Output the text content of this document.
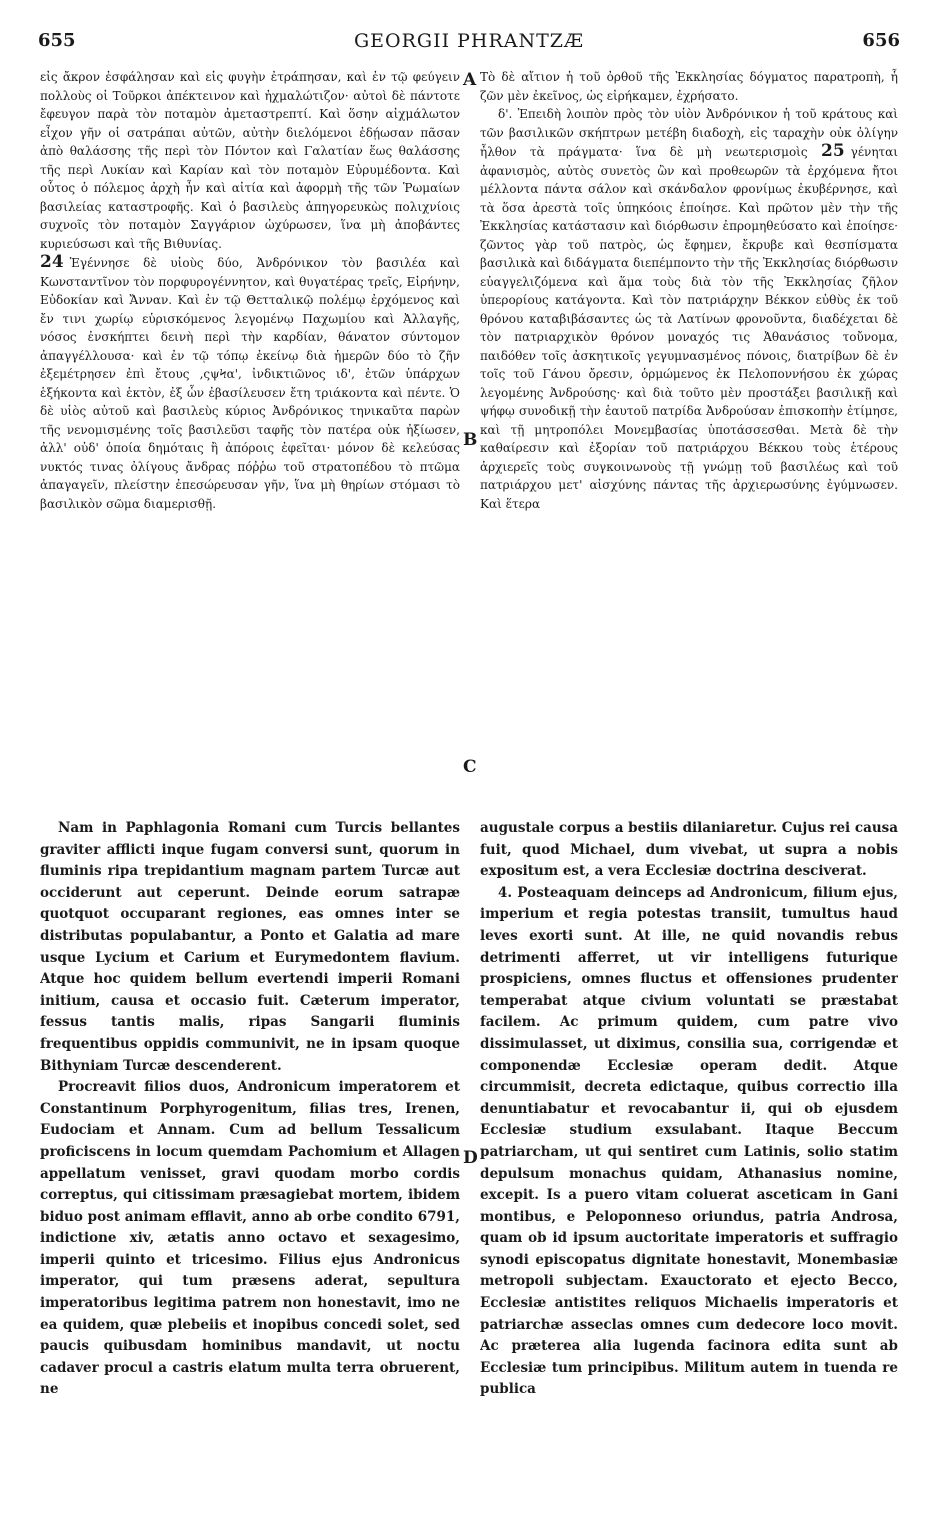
655	GEORGII PHRANTZÆ	656
A
B
C
D

εἰς ἄκρον ἐσφάλησαν καὶ εἰς φυγὴν ἐτράπησαν, καὶ ἐν τῷ φεύγειν πολλοὺς οἱ Τοῦρκοι ἀπέκτεινον καὶ ἠχμαλώτιζον· αὐτοὶ δὲ πάντοτε ἔφευγον παρὰ τὸν ποταμὸν ἀμεταστρεπτί. Καὶ ὅσην αἰχμάλωτον εἶχον γῆν οἱ σατράπαι αὐτῶν, αὐτὴν διελόμενοι ἐδῄωσαν πᾶσαν ἀπὸ θαλάσσης τῆς περὶ τὸν Πόντον καὶ Γαλατίαν ἕως θαλάσσης τῆς περὶ Λυκίαν καὶ Καρίαν καὶ τὸν ποταμὸν Εὐρυμέδοντα. Καὶ οὗτος ὁ πόλεμος ἀρχὴ ἦν καὶ αἰτία καὶ ἀφορμὴ τῆς τῶν Ῥωμαίων βασιλείας καταστροφῆς. Καὶ ὁ βασιλεὺς ἀπηγορευκὼς πολιχνίοις συχνοῖς τὸν ποταμὸν Σαγγάριον ὠχύρωσεν, ἵνα μὴ ἀποβάντες κυριεύσωσι καὶ τῆς Βιθυνίας.

24 Ἐγέννησε δὲ υἱοὺς δύο, Ἀνδρόνικον τὸν βασιλέα καὶ Κωνσταντῖνον τὸν πορφυρογέννητον, καὶ θυγατέρας τρεῖς, Εἰρήνην, Εὐδοκίαν καὶ Ἄνναν. Καὶ ἐν τῷ Θετταλικῷ πολέμῳ ἐρχόμενος καὶ ἔν τινι χωρίῳ εὑρισκόμενος λεγομένῳ Παχωμίου καὶ Ἀλλαγῆς, νόσος ἐνσκήπτει δεινὴ περὶ τὴν καρδίαν, θάνατον σύντομον ἀπαγγέλλουσα· καὶ ἐν τῷ τόπῳ ἐκείνῳ διὰ ἡμερῶν δύο τὸ ζῆν ἐξεμέτρησεν ἐπὶ ἔτους ,ςψϞα', ἰνδικτιῶνος ιδ', ἐτῶν ὑπάρχων ἑξήκοντα καὶ ἑκτὸν, ἐξ ὧν ἐβασίλευσεν ἔτη τριάκοντα καὶ πέντε. Ὁ δὲ υἱὸς αὐτοῦ καὶ βασιλεὺς κύριος Ἀνδρόνικος τηνικαῦτα παρὼν τῆς νενομισμένης τοῖς βασιλεῦσι ταφῆς τὸν πατέρα οὐκ ἠξίωσεν, ἀλλ' οὐδ' ὁποία δημόταις ἢ ἀπόροις ἐφεῖται· μόνον δὲ κελεύσας νυκτός τινας ὀλίγους ἄνδρας πόῤῥω τοῦ στρατοπέδου τὸ πτῶμα ἀπαγαγεῖν, πλείστην ἐπεσώρευσαν γῆν, ἵνα μὴ θηρίων στόμασι τὸ βασιλικὸν σῶμα διαμερισθῇ.

Τὸ δὲ αἴτιον ἡ τοῦ ὀρθοῦ τῆς Ἐκκλησίας δόγματος παρατροπὴ, ἧ ζῶν μὲν ἐκεῖνος, ὡς εἰρήκαμεν, ἐχρήσατο.

δ'. Ἐπειδὴ λοιπὸν πρὸς τὸν υἱὸν Ἀνδρόνικον ἡ τοῦ κράτους καὶ τῶν βασιλικῶν σκήπτρων μετέβη διαδοχὴ, εἰς ταραχὴν οὐκ ὀλίγην ἦλθον τὰ πράγματα· ἵνα δὲ μὴ νεωτερισμοὶς 25 γένηται ἀφανισμὸς, αὐτὸς συνετὸς ὢν καὶ προθεωρῶν τὰ ἐρχόμενα ἤτοι μέλλοντα πάντα σάλον καὶ σκάνδαλον φρονίμως ἐκυβέρνησε, καὶ τὰ ὅσα ἀρεστὰ τοῖς ὑπηκόοις ἐποίησε. Καὶ πρῶτον μὲν τὴν τῆς Ἐκκλησίας κατάστασιν καὶ διόρθωσιν ἐπρομηθεύσατο καὶ ἐποίησε· ζῶντος γὰρ τοῦ πατρὸς, ὡς ἔφημεν, ἔκρυβε καὶ θεσπίσματα βασιλικὰ καὶ διδάγματα διεπέμποντο τὴν τῆς Ἐκκλησίας διόρθωσιν εὐαγγελιζόμενα καὶ ἅμα τοὺς διὰ τὸν τῆς Ἐκκλησίας ζῆλον ὑπερορίους κατάγοντα. Καὶ τὸν πατριάρχην Βέκκον εὐθὺς ἐκ τοῦ θρόνου καταβιβάσαντες ὡς τὰ Λατίνων φρονοῦντα, διαδέχεται δὲ τὸν πατριαρχικὸν θρόνον μοναχός τις Ἀθανάσιος τοὔνομα, παιδόθεν τοῖς ἀσκητικοῖς γεγυμνασμένος πόνοις, διατρίβων δὲ ἐν τοῖς τοῦ Γάνου ὄρεσιν, ὁρμώμενος ἐκ Πελοποννήσου ἐκ χώρας λεγομένης Ἀνδρούσης· καὶ διὰ τοῦτο μὲν προστάξει βασιλικῇ καὶ ψήφῳ συνοδικῇ τὴν ἑαυτοῦ πατρίδα Ἀνδρούσαν ἐπισκοπὴν ἐτίμησε, καὶ τῇ μητροπόλει Μονεμβασίας ὑποτάσσεσθαι. Μετὰ δὲ τὴν καθαίρεσιν καὶ ἐξορίαν τοῦ πατριάρχου Βέκκου τοὺς ἑτέρους ἀρχιερεῖς τοὺς συγκοινωνοὺς τῇ γνώμῃ τοῦ βασιλέως καὶ τοῦ πατριάρχου μετ' αἰσχύνης πάντας τῆς ἀρχιερωσύνης ἐγύμνωσεν. Καὶ ἕτερα

Nam in Paphlagonia Romani cum Turcis bellantes graviter afflicti inque fugam conversi sunt, quorum in fluminis ripa trepidantium magnam partem Turcæ aut occiderunt aut ceperunt. Deinde eorum satrapæ quotquot occuparant regiones, eas omnes inter se distributas populabantur, a Ponto et Galatia ad mare usque Lycium et Carium et Eurymedontem flavium. Atque hoc quidem bellum evertendi imperii Romani initium, causa et occasio fuit. Cæterum imperator, fessus tantis malis, ripas Sangarii fluminis frequentibus oppidis communivit, ne in ipsam quoque Bithyniam Turcæ descenderent.

Procreavit filios duos, Andronicum imperatorem et Constantinum Porphyrogenitum, filias tres, Irenen, Eudociam et Annam. Cum ad bellum Tessalicum proficiscens in locum quemdam Pachomium et Allagen appellatum venisset, gravi quodam morbo cordis correptus, qui citissimam præsagiebat mortem, ibidem biduo post animam efflavit, anno ab orbe condito 6791, indictione xiv, ætatis anno octavo et sexagesimo, imperii quinto et tricesimo. Filius ejus Andronicus imperator, qui tum præsens aderat, sepultura imperatoribus legitima patrem non honestavit, imo ne ea quidem, quæ plebeiis et inopibus concedi solet, sed paucis quibusdam hominibus mandavit, ut noctu cadaver procul a castris elatum multa terra obruerent, ne

augustale corpus a bestiis dilaniaretur. Cujus rei causa fuit, quod Michael, dum vivebat, ut supra a nobis expositum est, a vera Ecclesiæ doctrina desciverat.

4. Posteaquam deinceps ad Andronicum, filium ejus, imperium et regia potestas transiit, tumultus haud leves exorti sunt. At ille, ne quid novandis rebus detrimenti afferret, ut vir intelligens futurique prospiciens, omnes fluctus et offensiones prudenter temperabat atque civium voluntati se præstabat facilem. Ac primum quidem, cum patre vivo dissimulasset, ut diximus, consilia sua, corrigendæ et componendæ Ecclesiæ operam dedit. Atque circummisit, decreta edictaque, quibus correctio illa denuntiabatur et revocabantur ii, qui ob ejusdem Ecclesiæ studium exsulabant. Itaque Beccum patriarcham, ut qui sentiret cum Latinis, solio statim depulsum monachus quidam, Athanasius nomine, excepit. Is a puero vitam coluerat asceticam in Gani montibus, e Peloponneso oriundus, patria Androsa, quam ob id ipsum auctoritate imperatoris et suffragio synodi episcopatus dignitate honestavit, Monembasiæ metropoli subjectam. Exauctorato et ejecto Becco, Ecclesiæ antistites reliquos Michaelis imperatoris et patriarchæ asseclas omnes cum dedecore loco movit. Ac præterea alia lugenda facinora edita sunt ab Ecclesiæ tum principibus. Militum autem in tuenda re publica
